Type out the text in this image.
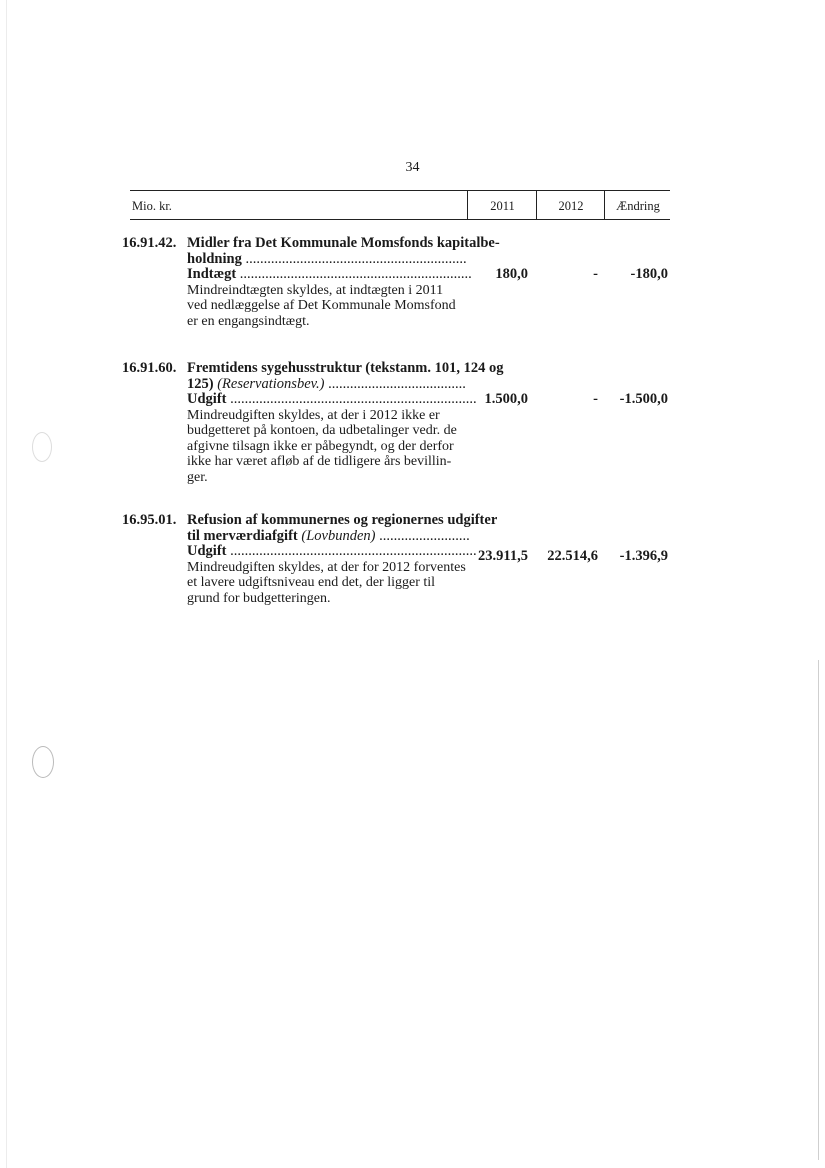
34
Mio. kr.	2011	2012	Ændring
16.91.42. Midler fra Det Kommunale Momsfonds kapitalbe-
holdning .............................................................
Indtægt ................................................................
Mindreindtægten skyldes, at indtægten i 2011
ved nedlæggelse af Det Kommunale Momsfond
er en engangsindtægt.
180,0	-	-180,0
16.91.60. Fremtidens sygehusstruktur (tekstanm. 101, 124 og
125) (Reservationsbev.) ......................................
Udgift ....................................................................
Mindreudgiften skyldes, at der i 2012 ikke er
budgetteret på kontoen, da udbetalinger vedr. de
afgivne tilsagn ikke er påbegyndt, og der derfor
ikke har været afløb af de tidligere års bevillin-
ger.
1.500,0	-	-1.500,0
16.95.01. Refusion af kommunernes og regionernes udgifter
til merværdiafgift (Lovbunden) .........................
Udgift ....................................................................
Mindreudgiften skyldes, at der for 2012 forventes
et lavere udgiftsniveau end det, der ligger til
grund for budgetteringen.
23.911,5	22.514,6	-1.396,9
